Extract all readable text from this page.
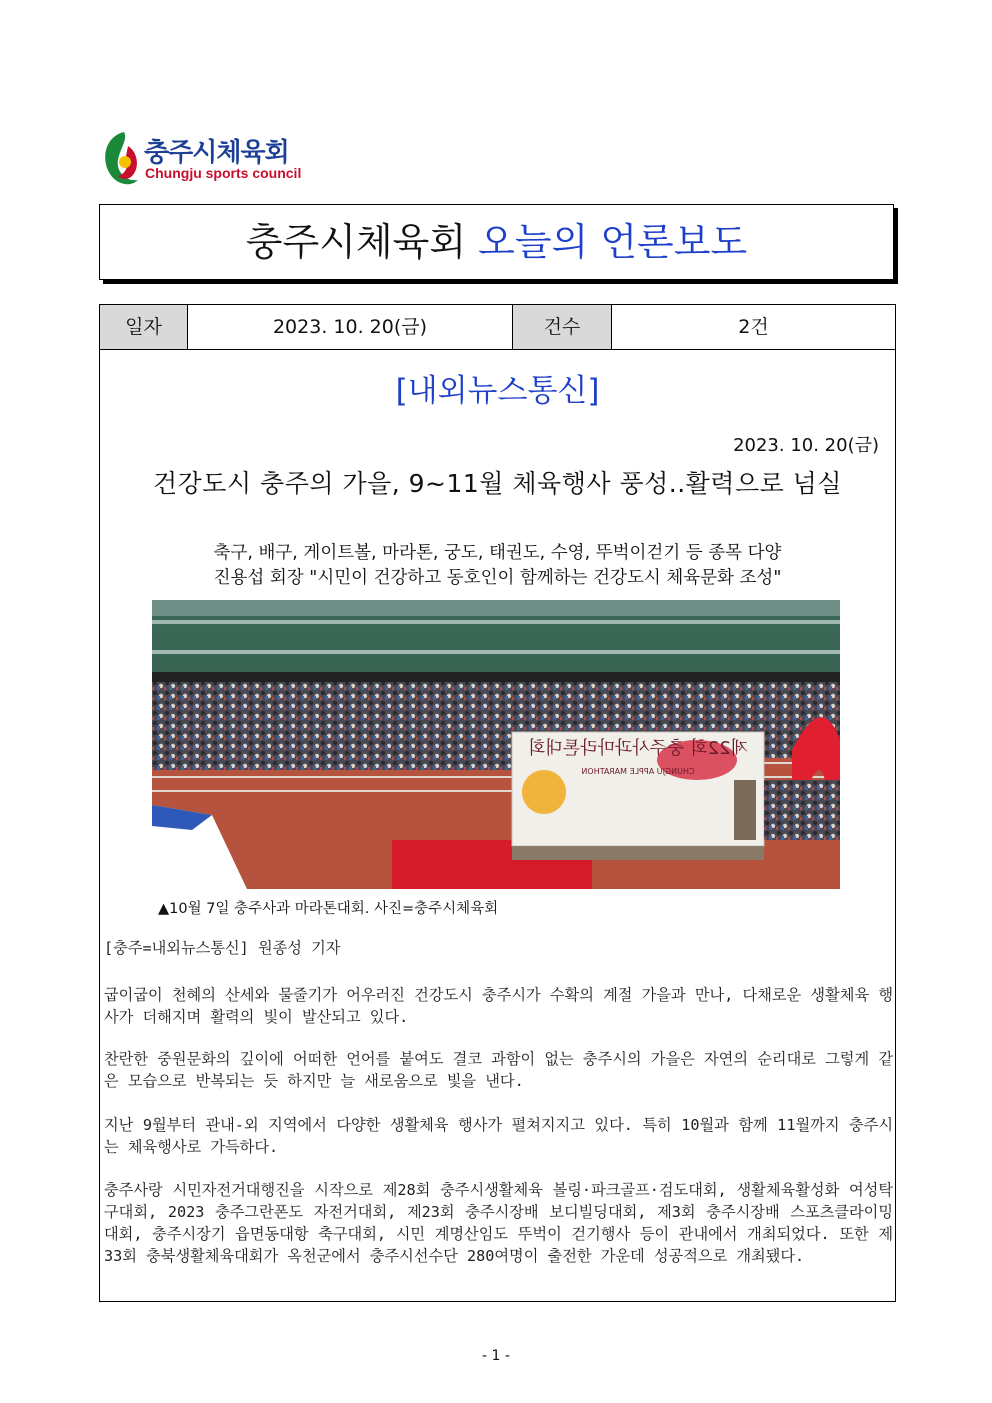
충주시체육회
Chungju sports council
충주시체육회 오늘의 언론보도
일자	2023. 10. 20(금)	건수	2건
[내외뉴스통신]
2023. 10. 20(금)
건강도시 충주의 가을, 9~11월 체육행사 풍성..활력으로 넘실
축구, 배구, 게이트볼, 마라톤, 궁도, 태권도, 수영, 뚜벅이걷기 등 종목 다양
진용섭 회장 "시민이 건강하고 동호인이 함께하는 건강도시 체육문화 조성"
제22회 충주사과마라톤대회
CHUNGJU APPLE MARATHON
▲10월 7일 충주사과 마라톤대회. 사진=충주시체육회
[충주=내외뉴스통신] 원종성 기자
굽이굽이 천혜의 산세와 물줄기가 어우러진 건강도시 충주시가 수확의 계절 가을과 만나, 다채로운 생활체육 행사가 더해지며 활력의 빛이 발산되고 있다.
찬란한 중원문화의 깊이에 어떠한 언어를 붙여도 결코 과함이 없는 충주시의 가을은 자연의 순리대로 그렇게 같은 모습으로 반복되는 듯 하지만 늘 새로움으로 빛을 낸다.
지난 9월부터 관내-외 지역에서 다양한 생활체육 행사가 펼쳐지지고 있다. 특히 10월과 함께 11월까지 충주시는 체육행사로 가득하다.
충주사랑 시민자전거대행진을 시작으로 제28회 충주시생활체육 볼링·파크골프·검도대회, 생활체육활성화 여성탁구대회, 2023 충주그란폰도 자전거대회, 제23회 충주시장배 보디빌딩대회, 제3회 충주시장배 스포츠클라이밍대회, 충주시장기 읍면동대항 축구대회, 시민 계명산임도 뚜벅이 걷기행사 등이 관내에서 개최되었다. 또한 제33회 충북생활체육대회가 옥천군에서 충주시선수단 280여명이 출전한 가운데 성공적으로 개최됐다.
- 1 -
